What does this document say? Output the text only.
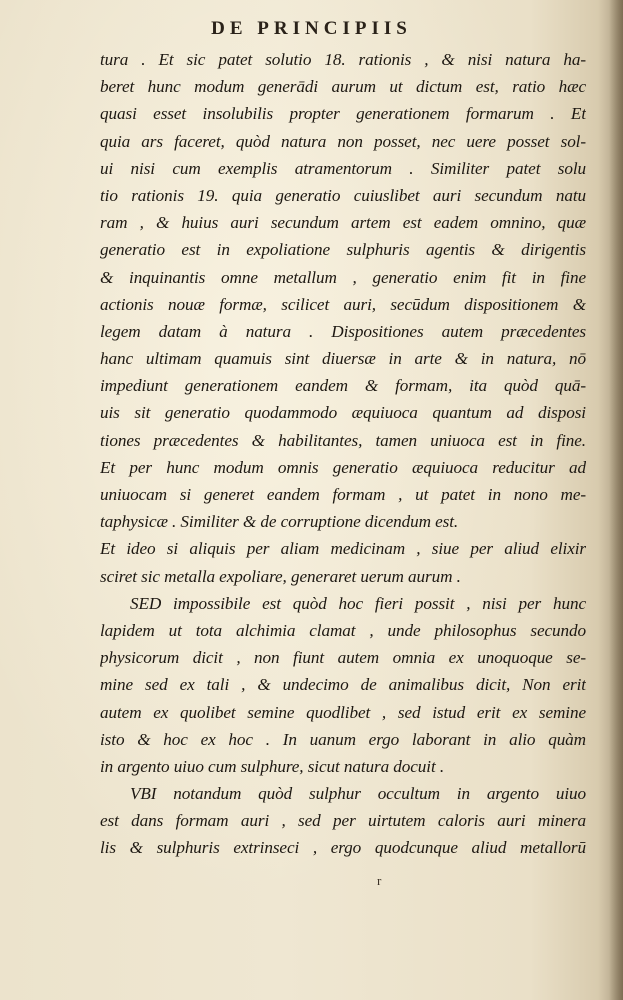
DE PRINCIPIIS
tura . Et sic patet solutio 18. rationis , & nisi natura ha-
beret hunc modum generādi aurum ut dictum est, ratio hæc
quasi esset insolubilis propter generationem formarum . Et
quia ars faceret, quòd natura non posset, nec uere posset sol-
ui nisi cum exemplis atramentorum . Similiter patet solu
tio rationis 19. quia generatio cuiuslibet auri secundum natu
ram , & huius auri secundum artem est eadem omnino, quæ
generatio est in expoliatione sulphuris agentis & dirigentis
& inquinantis omne metallum , generatio enim fit in fine
actionis nouæ formæ, scilicet auri, secūdum dispositionem &
legem datam à natura . Dispositiones autem præcedentes
hanc ultimam quamuis sint diuersæ in arte & in natura, nō
impediunt generationem eandem & formam, ita quòd quā-
uis sit generatio quodammodo æquiuoca quantum ad disposi
tiones præcedentes & habilitantes, tamen uniuoca est in fine.
Et per hunc modum omnis generatio æquiuoca reducitur ad
uniuocam si generet eandem formam , ut patet in nono me-
taphysicæ . Similiter & de corruptione dicendum est.
Et ideo si aliquis per aliam medicinam , siue per aliud elixir
sciret sic metalla expoliare, generaret uerum aurum .
SED impossibile est quòd hoc fieri possit , nisi per hunc
lapidem ut tota alchimia clamat , unde philosophus secundo
physicorum dicit , non fiunt autem omnia ex unoquoque se-
mine sed ex tali , & undecimo de animalibus dicit, Non erit
autem ex quolibet semine quodlibet , sed istud erit ex semine
isto & hoc ex hoc . In uanum ergo laborant in alio quàm
in argento uiuo cum sulphure, sicut natura docuit .
VBI notandum quòd sulphur occultum in argento uiuo
est dans formam auri , sed per uirtutem caloris auri minera
lis & sulphuris extrinseci , ergo quodcunque aliud metallorū
r
